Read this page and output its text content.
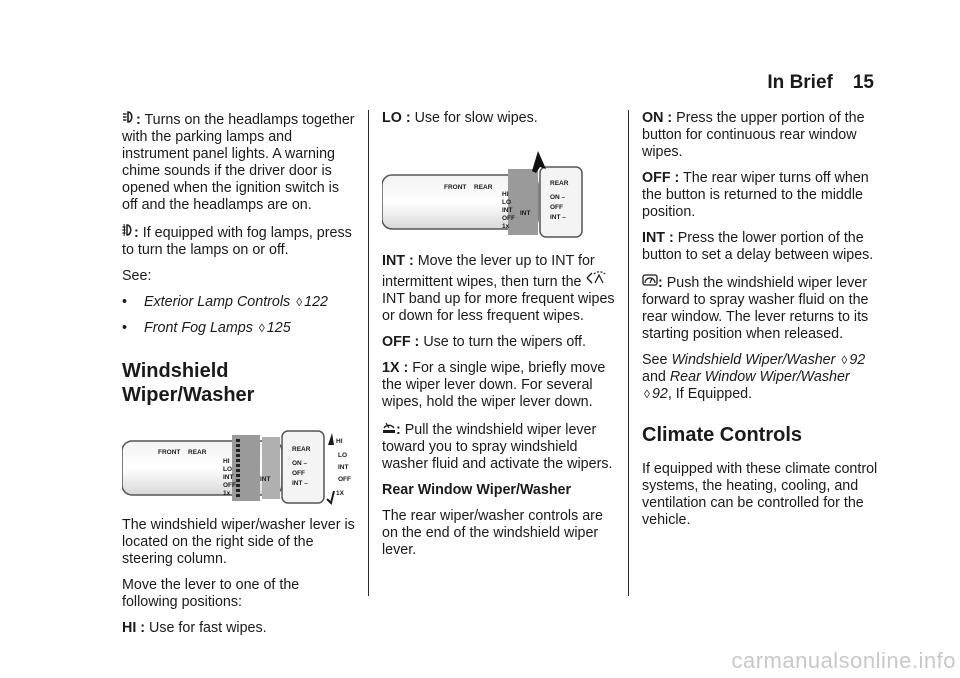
In Brief 15

: Turns on the headlamps together with the parking lamps and instrument panel lights. A warning chime sounds if the driver door is opened when the ignition switch is off and the headlamps are on.

: If equipped with fog lamps, press to turn the lamps on or off.

See:

• Exterior Lamp Controls ◊ 122
• Front Fog Lamps ◊ 125
Windshield Wiper/Washer
FRONT REAR
HI
LO
INT
OFF
1x
INT
REAR
ON –
OFF
INT –
HI
LO
INT
OFF
1X

The windshield wiper/washer lever is located on the right side of the steering column.

Move the lever to one of the following positions:

HI : Use for fast wipes.

LO : Use for slow wipes.

FRONT REAR
HI
LO
INT
OFF
1x
INT
REAR
ON –
OFF
INT –

INT : Move the lever up to INT for intermittent wipes, then turn the  INT band up for more frequent wipes or down for less frequent wipes.

OFF : Use to turn the wipers off.

1X : For a single wipe, briefly move the wiper lever down. For several wipes, hold the wiper lever down.

: Pull the windshield wiper lever toward you to spray windshield washer fluid and activate the wipers.

Rear Window Wiper/Washer

The rear wiper/washer controls are on the end of the windshield wiper lever.

ON : Press the upper portion of the button for continuous rear window wipes.

OFF : The rear wiper turns off when the button is returned to the middle position.

INT : Press the lower portion of the button to set a delay between wipes.

: Push the windshield wiper lever forward to spray washer fluid on the rear window. The lever returns to its starting position when released.

See Windshield Wiper/Washer ◊ 92 and Rear Window Wiper/Washer ◊ 92, If Equipped.

Climate Controls

If equipped with these climate control systems, the heating, cooling, and ventilation can be controlled for the vehicle.

carmanualsonline.info
